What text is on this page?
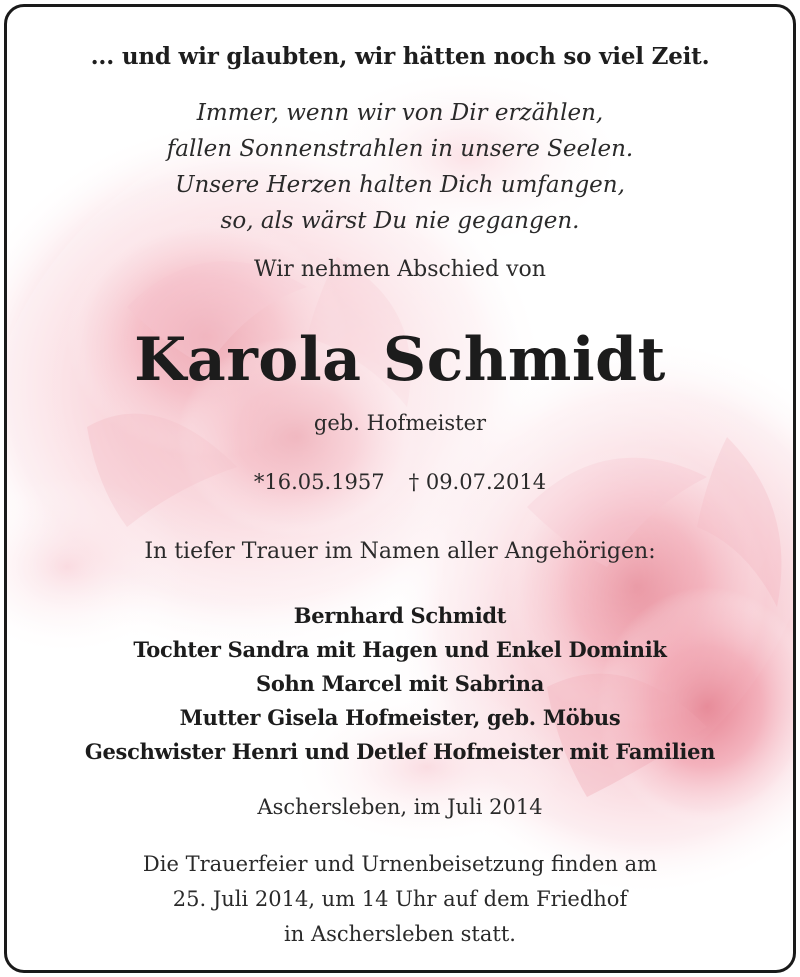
... und wir glaubten, wir hätten noch so viel Zeit.
Immer, wenn wir von Dir erzählen,
fallen Sonnenstrahlen in unsere Seelen.
Unsere Herzen halten Dich umfangen,
so, als wärst Du nie gegangen.
Wir nehmen Abschied von
Karola Schmidt
geb. Hofmeister
*16.05.1957 † 09.07.2014
In tiefer Trauer im Namen aller Angehörigen:
Bernhard Schmidt
Tochter Sandra mit Hagen und Enkel Dominik
Sohn Marcel mit Sabrina
Mutter Gisela Hofmeister, geb. Möbus
Geschwister Henri und Detlef Hofmeister mit Familien
Aschersleben, im Juli 2014
Die Trauerfeier und Urnenbeisetzung finden am
25. Juli 2014, um 14 Uhr auf dem Friedhof
in Aschersleben statt.
